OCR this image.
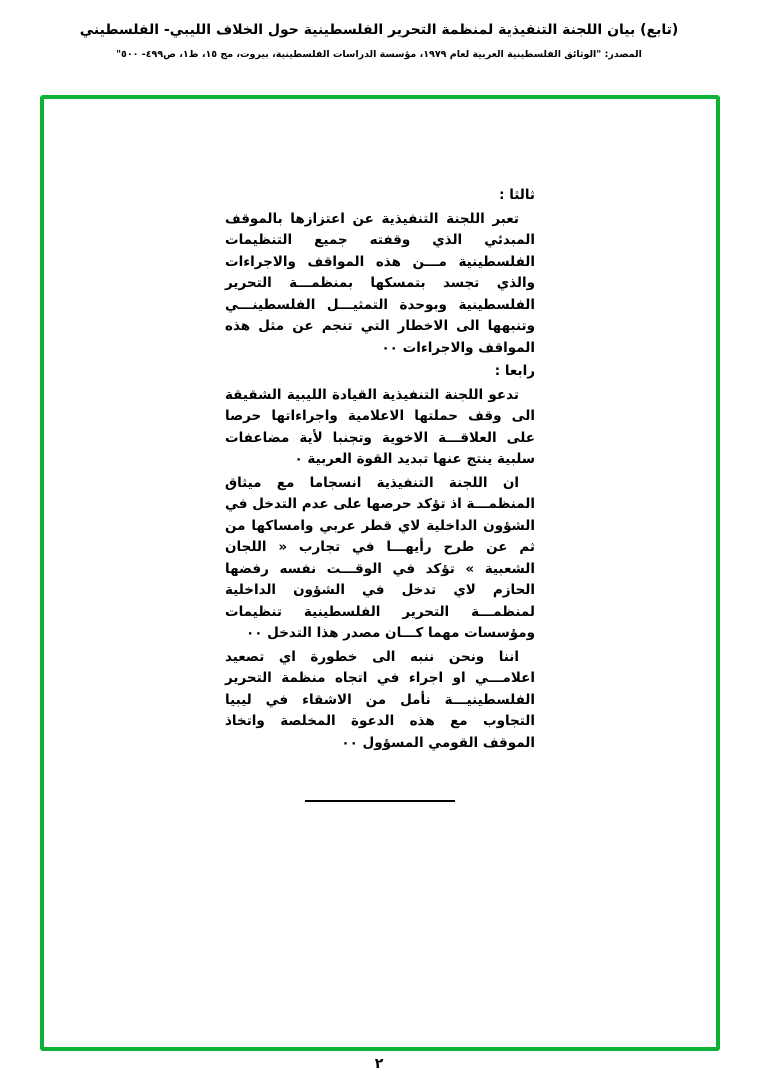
(تابع) بيان اللجنة التنفيذية لمنظمة التحرير الفلسطينية حول الخلاف الليبي- الفلسطيني
المصدر: "الوثائق الفلسطينية العربية لعام ١٩٧٩، مؤسسة الدراسات الفلسطينية، بيروت، مج ١٥، ط١، ص٤٩٩- ٥٠٠"

ثالثا :

تعبر اللجنة التنفيذية عن اعتزازها بالموقف المبدئي الذي وقفته جميع التنظيمات الفلسطينية مـــن هذه المواقف والاجراءات والذي تجسد بتمسكها بمنظمـــة التحرير الفلسطينية وبوحدة التمثيـــل الفلسطينـــي وتنبهها الى الاخطار التي تنجم عن مثل هذه المواقف والاجراءات ٠٠

رابعا :

تدعو اللجنة التنفيذية القيادة الليبية الشقيقة الى وقف حملتها الاعلامية واجراءاتها حرصا على العلاقـــة الاخوية وتجنبا لأية مضاعفات سلبية ينتج عنها تبديد القوة العربية ٠

ان اللجنة التنفيذية انسجاما مع ميثاق المنظمـــة اذ تؤكد حرصها على عدم التدخل في الشؤون الداخلية لاي قطر عربي وامساكها من ثم عن طرح رأيهـــا في تجارب « اللجان الشعبية » تؤكد في الوقـــت نفسه رفضها الحازم لاي تدخل في الشؤون الداخلية لمنظمـــة التحرير الفلسطينية تنظيمات ومؤسسات مهما كـــان مصدر هذا التدخل ٠٠

اننا ونحن ننبه الى خطورة اي تصعيد اعلامـــي او اجراء في اتجاه منظمة التحرير الفلسطينيـــة نأمل من الاشقاء في ليبيا التجاوب مع هذه الدعوة المخلصة واتخاذ الموقف القومي المسؤول ٠٠

٢
